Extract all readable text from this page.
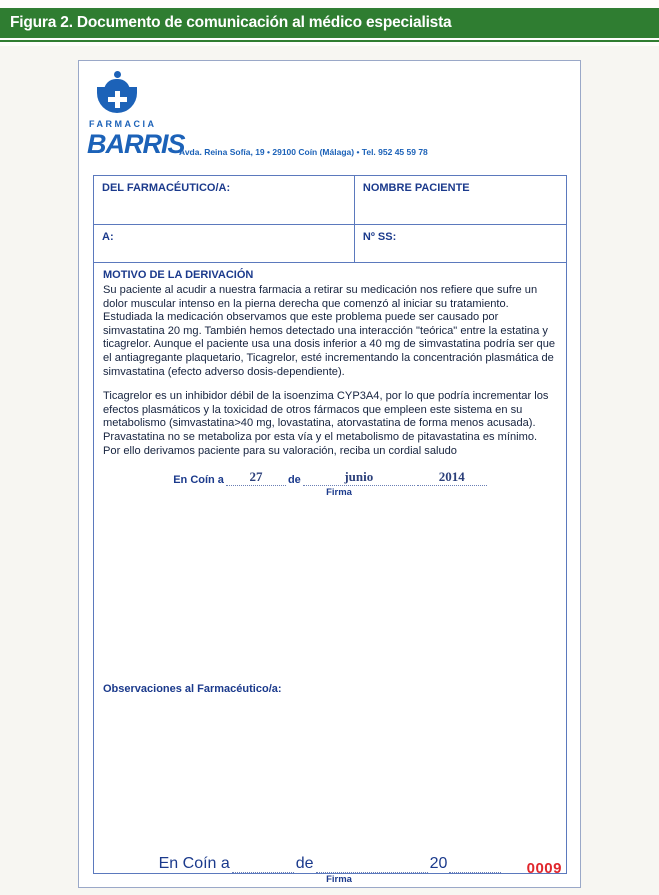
Figura 2. Documento de comunicación al médico especialista
FARMACIA
BARRIS
Avda. Reina Sofía, 19 • 29100 Coín (Málaga) • Tel. 952 45 59 78
DEL FARMACÉUTICO/A:	NOMBRE PACIENTE
A:	Nº SS:
MOTIVO DE LA DERIVACIÓN

Su paciente al acudir a nuestra farmacia a retirar su medicación nos refiere que sufre un dolor muscular intenso en la pierna derecha que comenzó al iniciar su tratamiento. Estudiada la medicación observamos que este problema puede ser causado por simvastatina 20 mg. También hemos detectado una interacción "teórica" entre la estatina y ticagrelor. Aunque el paciente usa una dosis inferior a 40 mg de simvastatina podría ser que el antiagregante plaquetario, Ticagrelor, esté incrementando la concentración plasmática de simvastatina (efecto adverso dosis-dependiente).

Ticagrelor es un inhibidor débil de la isoenzima CYP3A4, por lo que podría incrementar los efectos plasmáticos y la toxicidad de otros fármacos que empleen este sistema en su metabolismo (simvastatina>40 mg, lovastatina, atorvastatina de forma menos acusada). Pravastatina no se metaboliza por esta vía y el metabolismo de pitavastatina es mínimo. Por ello derivamos paciente para su valoración, reciba un cordial saludo

En Coín a	27	de	junio	2014
Firma
Observaciones al Farmacéutico/a:
En Coín a	de	20
Firma
0009
